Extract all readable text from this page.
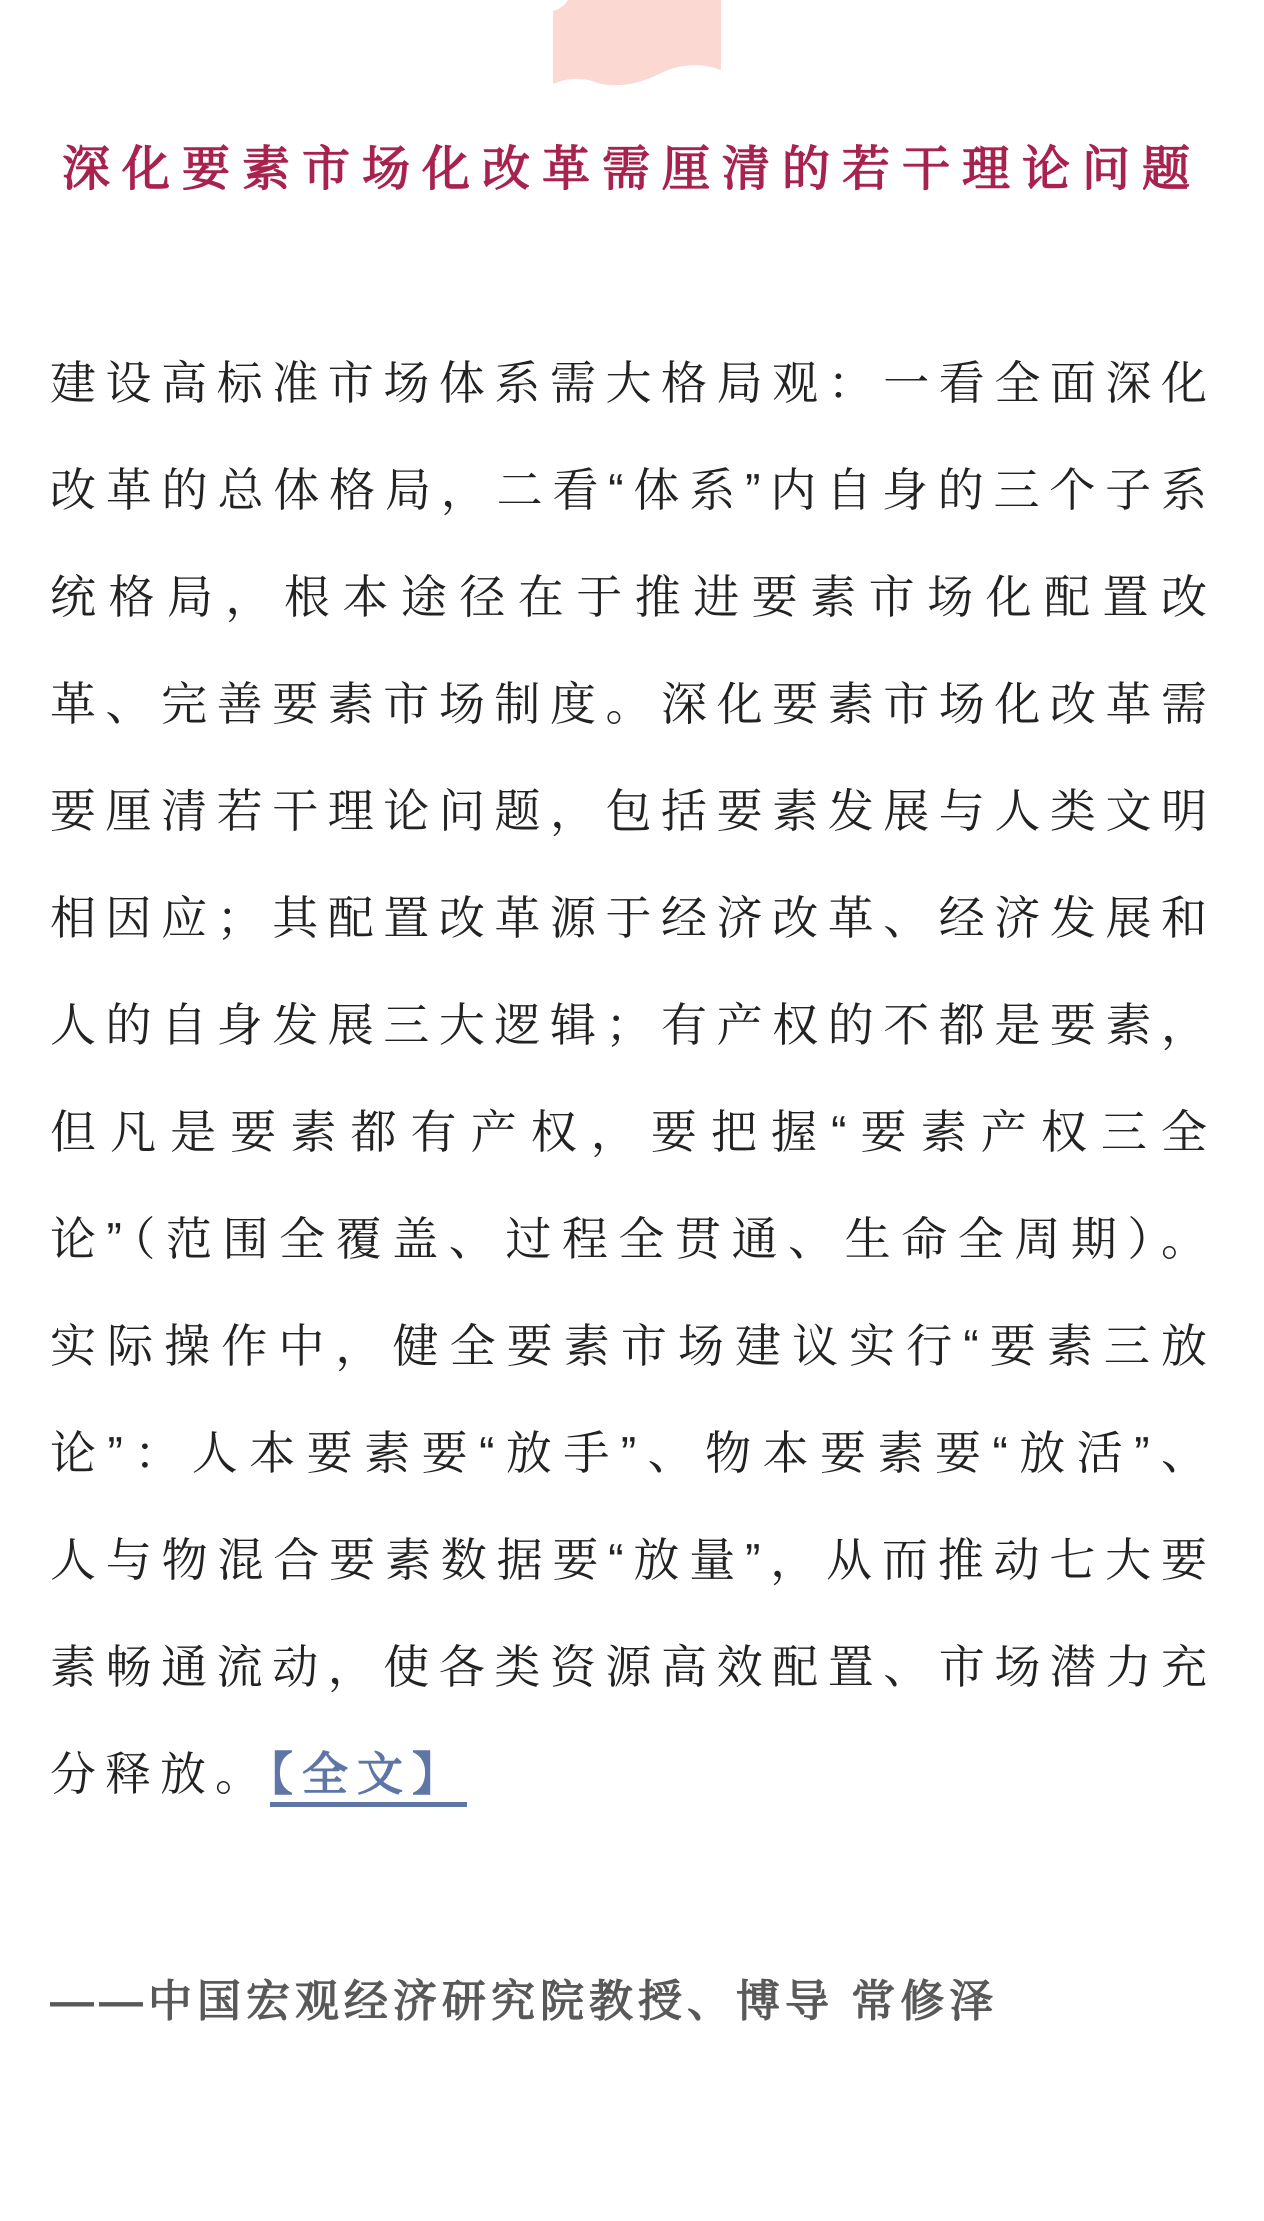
深化要素市场化改革需厘清的若干理论问题

建设高标准市场体系需大格局观：一看全面深化改革的总体格局，二看“体系”内自身的三个子系统格局，根本途径在于推进要素市场化配置改革、完善要素市场制度。深化要素市场化改革需要厘清若干理论问题，包括要素发展与人类文明相因应；其配置改革源于经济改革、经济发展和人的自身发展三大逻辑；有产权的不都是要素，但凡是要素都有产权，要把握“要素产权三全论”（范围全覆盖、过程全贯通、生命全周期）。实际操作中，健全要素市场建议实行“要素三放论”：人本要素要“放手”、物本要素要“放活”、人与物混合要素数据要“放量”，从而推动七大要素畅通流动，使各类资源高效配置、市场潜力充分释放。【全文】

——中国宏观经济研究院教授、博导 常修泽
